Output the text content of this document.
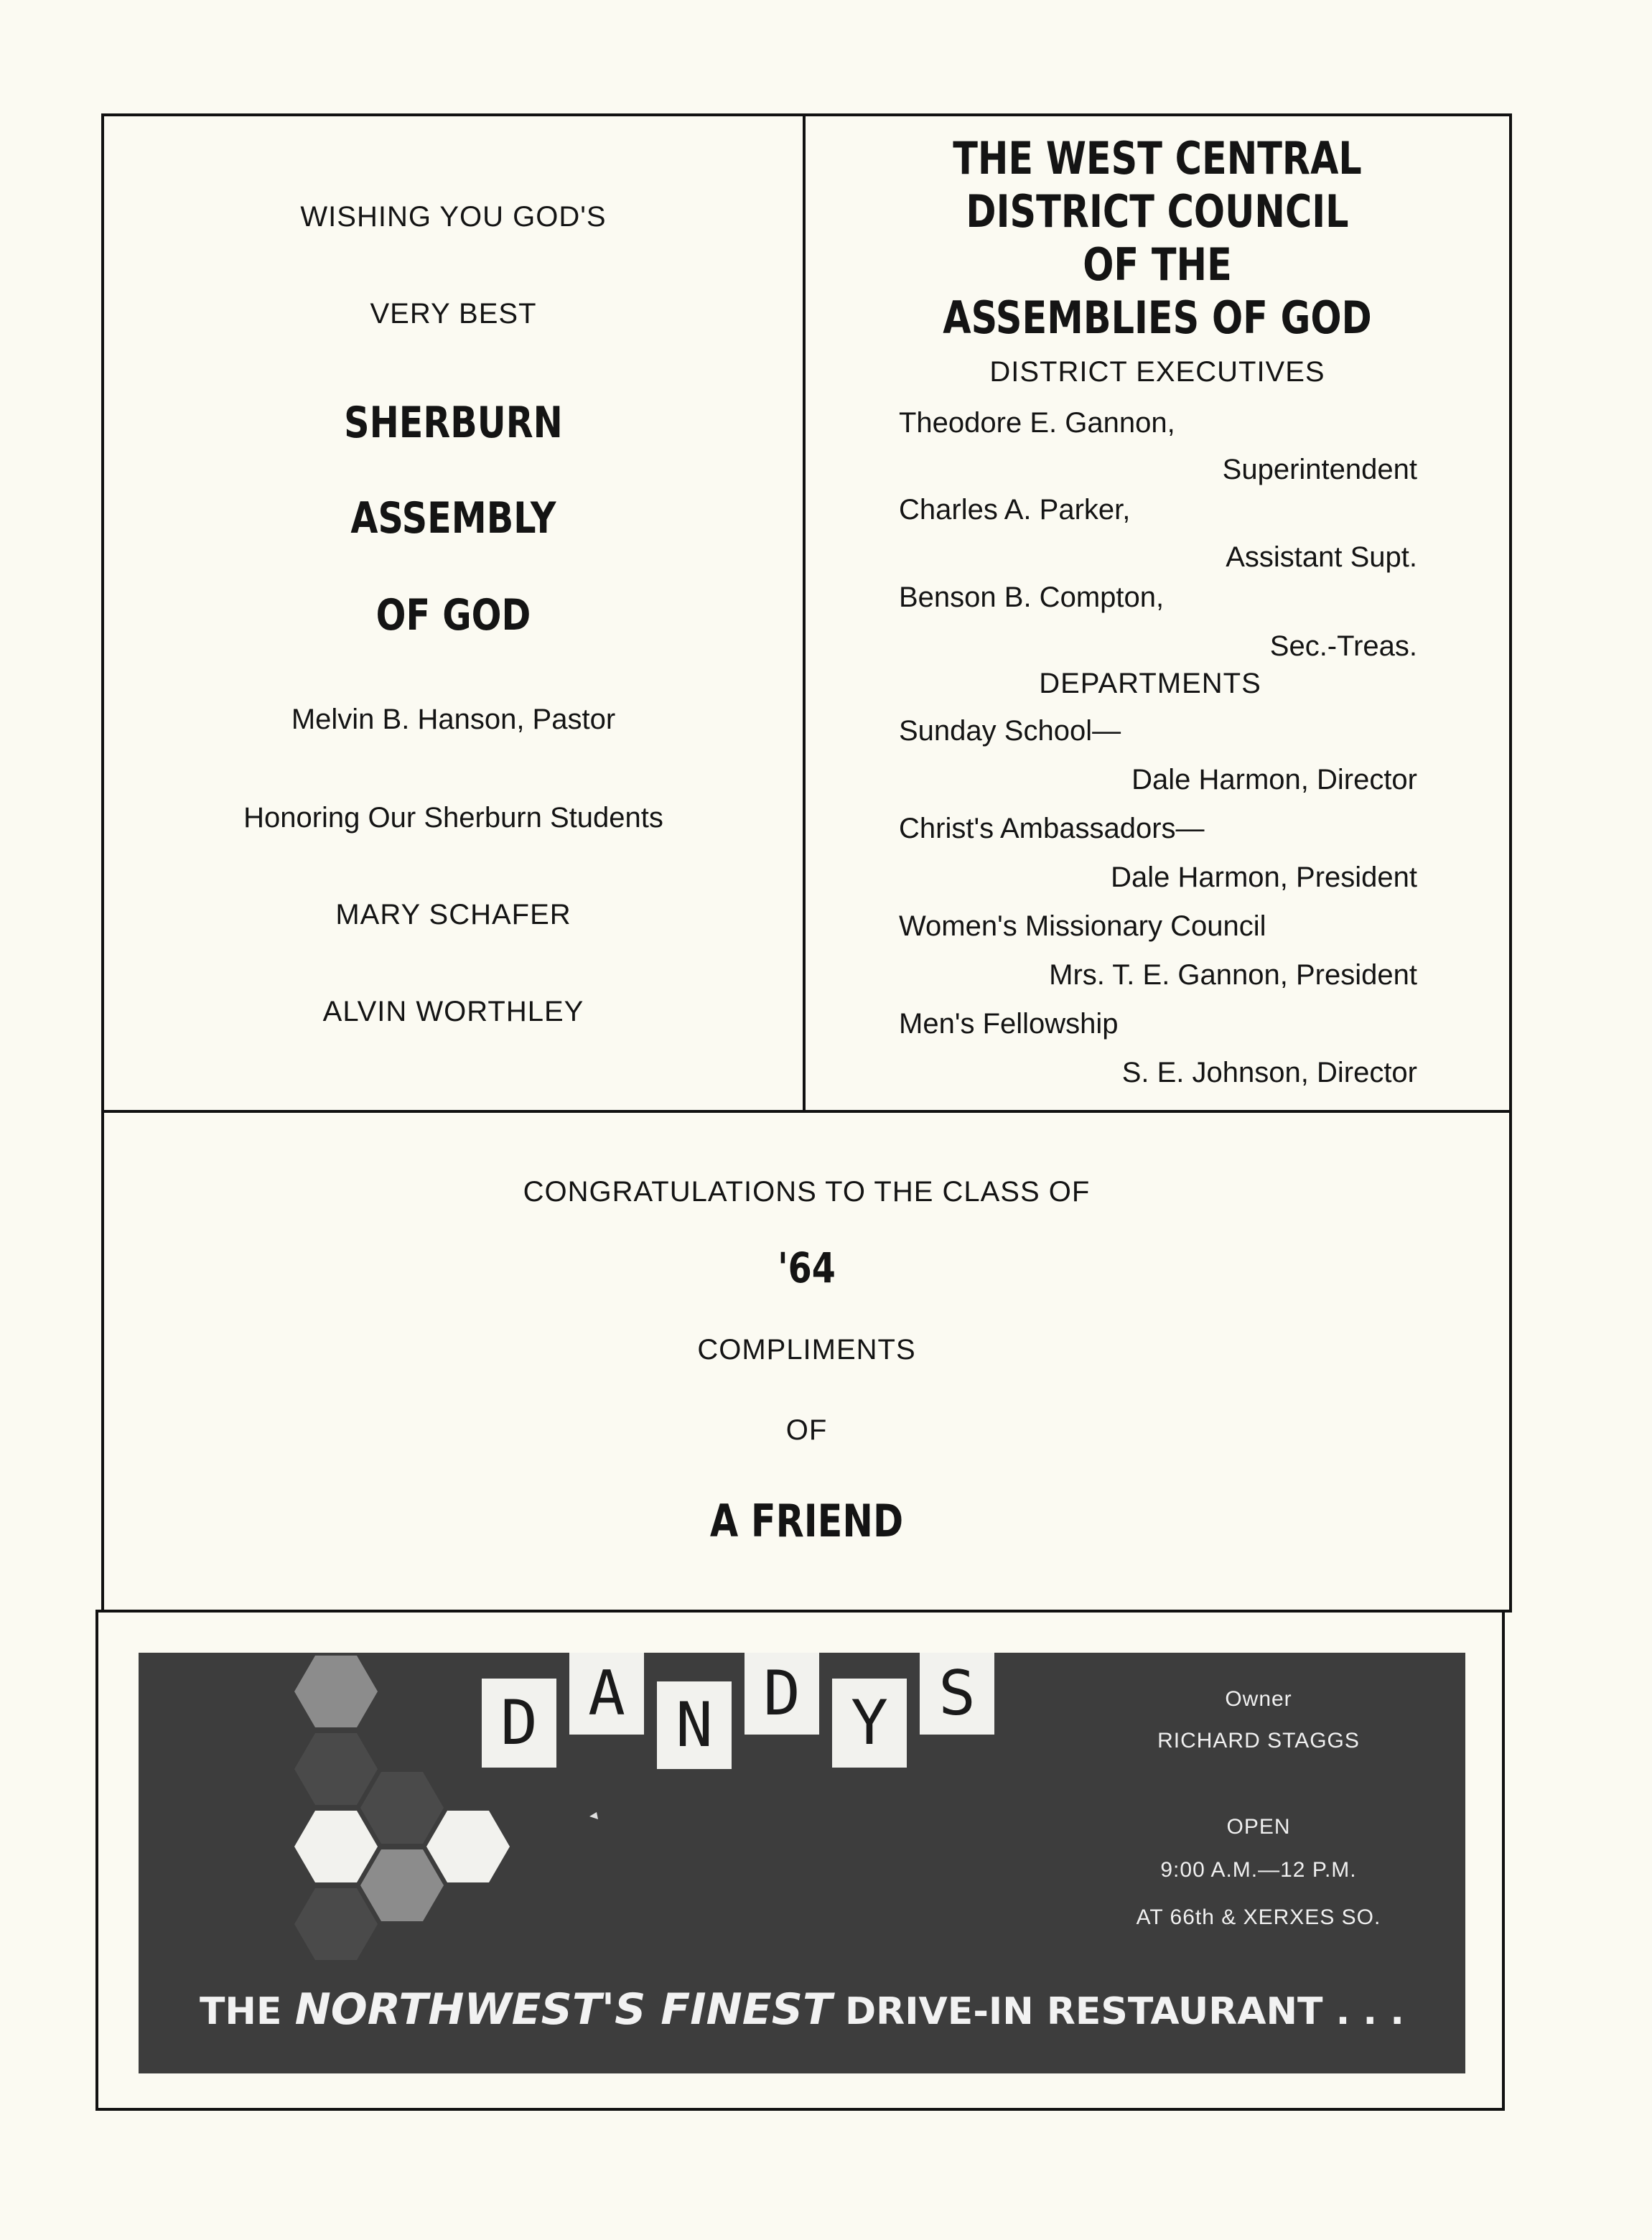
WISHING YOU GOD'S
VERY BEST
SHERBURN
ASSEMBLY
OF GOD
Melvin B. Hanson, Pastor
Honoring Our Sherburn Students
MARY SCHAFER
ALVIN WORTHLEY
THE WEST CENTRAL
DISTRICT COUNCIL
OF THE
ASSEMBLIES OF GOD
DISTRICT EXECUTIVES
Theodore E. Gannon,
Superintendent
Charles A. Parker,
Assistant Supt.
Benson B. Compton,
Sec.-Treas.
DEPARTMENTS
Sunday School—
Dale Harmon, Director
Christ's Ambassadors—
Dale Harmon, President
Women's Missionary Council
Mrs. T. E. Gannon, President
Men's Fellowship
S. E. Johnson, Director
CONGRATULATIONS TO THE CLASS OF
'64
COMPLIMENTS
OF
A FRIEND
D A N D Y S	Owner
RICHARD STAGGS
OPEN
9:00 A.M.—12 P.M.
AT 66th & XERXES SO.
THE NORTHWEST'S FINEST DRIVE-IN RESTAURANT . . .
